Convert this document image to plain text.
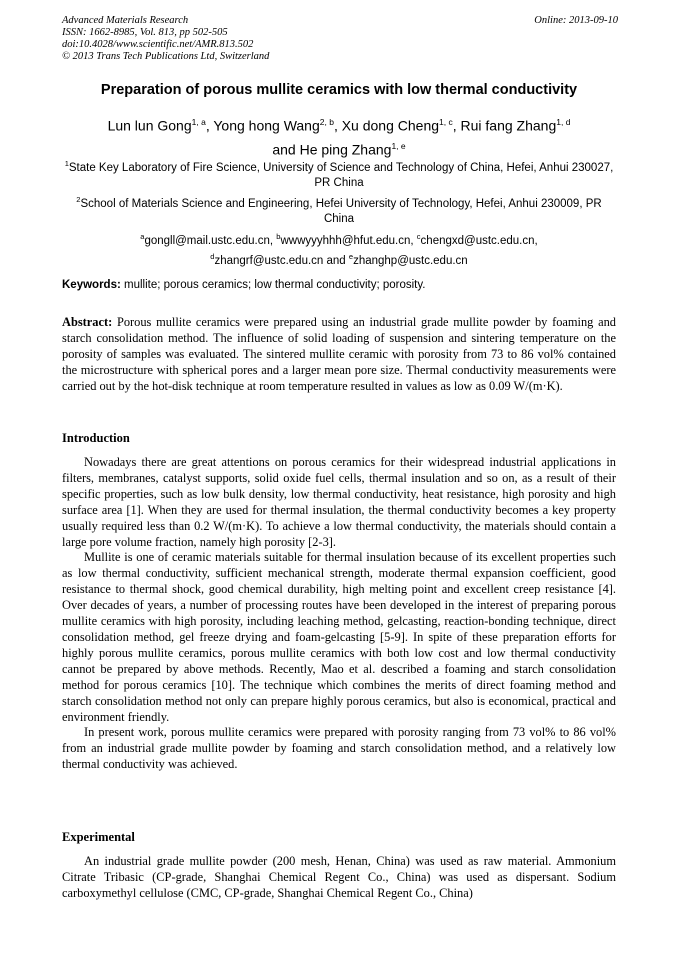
Advanced Materials Research
ISSN: 1662-8985, Vol. 813, pp 502-505
doi:10.4028/www.scientific.net/AMR.813.502
© 2013 Trans Tech Publications Ltd, Switzerland
Online: 2013-09-10
Preparation of porous mullite ceramics with low thermal conductivity
Lun lun Gong$^{1, a}$, Yong hong Wang$^{2, b}$, Xu dong Cheng$^{1, c}$, Rui fang Zhang$^{1, d}$
and He ping Zhang$^{1, e}$
$^1$State Key Laboratory of Fire Science, University of Science and Technology of China, Hefei, Anhui 230027, PR China
$^2$School of Materials Science and Engineering, Hefei University of Technology, Hefei, Anhui 230009, PR China
$^a$gongll@mail.ustc.edu.cn, $^b$wwwyyyhhh@hfut.edu.cn, $^c$chengxd@ustc.edu.cn,
$^d$zhangrf@ustc.edu.cn and $^e$zhanghp@ustc.edu.cn
Keywords: mullite; porous ceramics; low thermal conductivity; porosity.
Abstract: Porous mullite ceramics were prepared using an industrial grade mullite powder by foaming and starch consolidation method. The influence of solid loading of suspension and sintering temperature on the porosity of samples was evaluated. The sintered mullite ceramic with porosity from 73 to 86 vol% contained the microstructure with spherical pores and a larger mean pore size. Thermal conductivity measurements were carried out by the hot-disk technique at room temperature resulted in values as low as 0.09 W/(m·K).
Introduction

Nowadays there are great attentions on porous ceramics for their widespread industrial applications in filters, membranes, catalyst supports, solid oxide fuel cells, thermal insulation and so on, as a result of their specific properties, such as low bulk density, low thermal conductivity, heat resistance, high porosity and high surface area [1]. When they are used for thermal insulation, the thermal conductivity becomes a key property usually required less than 0.2 W/(m·K). To achieve a low thermal conductivity, the materials should contain a large pore volume fraction, namely high porosity [2-3].

Mullite is one of ceramic materials suitable for thermal insulation because of its excellent properties such as low thermal conductivity, sufficient mechanical strength, moderate thermal expansion coefficient, good resistance to thermal shock, good chemical durability, high melting point and excellent creep resistance [4]. Over decades of years, a number of processing routes have been developed in the interest of preparing porous mullite ceramics with high porosity, including leaching method, gelcasting, reaction-bonding technique, direct consolidation method, gel freeze drying and foam-gelcasting [5-9]. In spite of these preparation efforts for highly porous mullite ceramics, porous mullite ceramics with both low cost and low thermal conductivity cannot be prepared by above methods. Recently, Mao et al. described a foaming and starch consolidation method for porous ceramics [10]. The technique which combines the merits of direct foaming method and starch consolidation method not only can prepare highly porous ceramics, but also is economical, practical and environment friendly.

In present work, porous mullite ceramics were prepared with porosity ranging from 73 vol% to 86 vol% from an industrial grade mullite powder by foaming and starch consolidation method, and a relatively low thermal conductivity was achieved.

Experimental

An industrial grade mullite powder (200 mesh, Henan, China) was used as raw material. Ammonium Citrate Tribasic (CP-grade, Shanghai Chemical Regent Co., China) was used as dispersant. Sodium carboxymethyl cellulose (CMC, CP-grade, Shanghai Chemical Regent Co., China)
